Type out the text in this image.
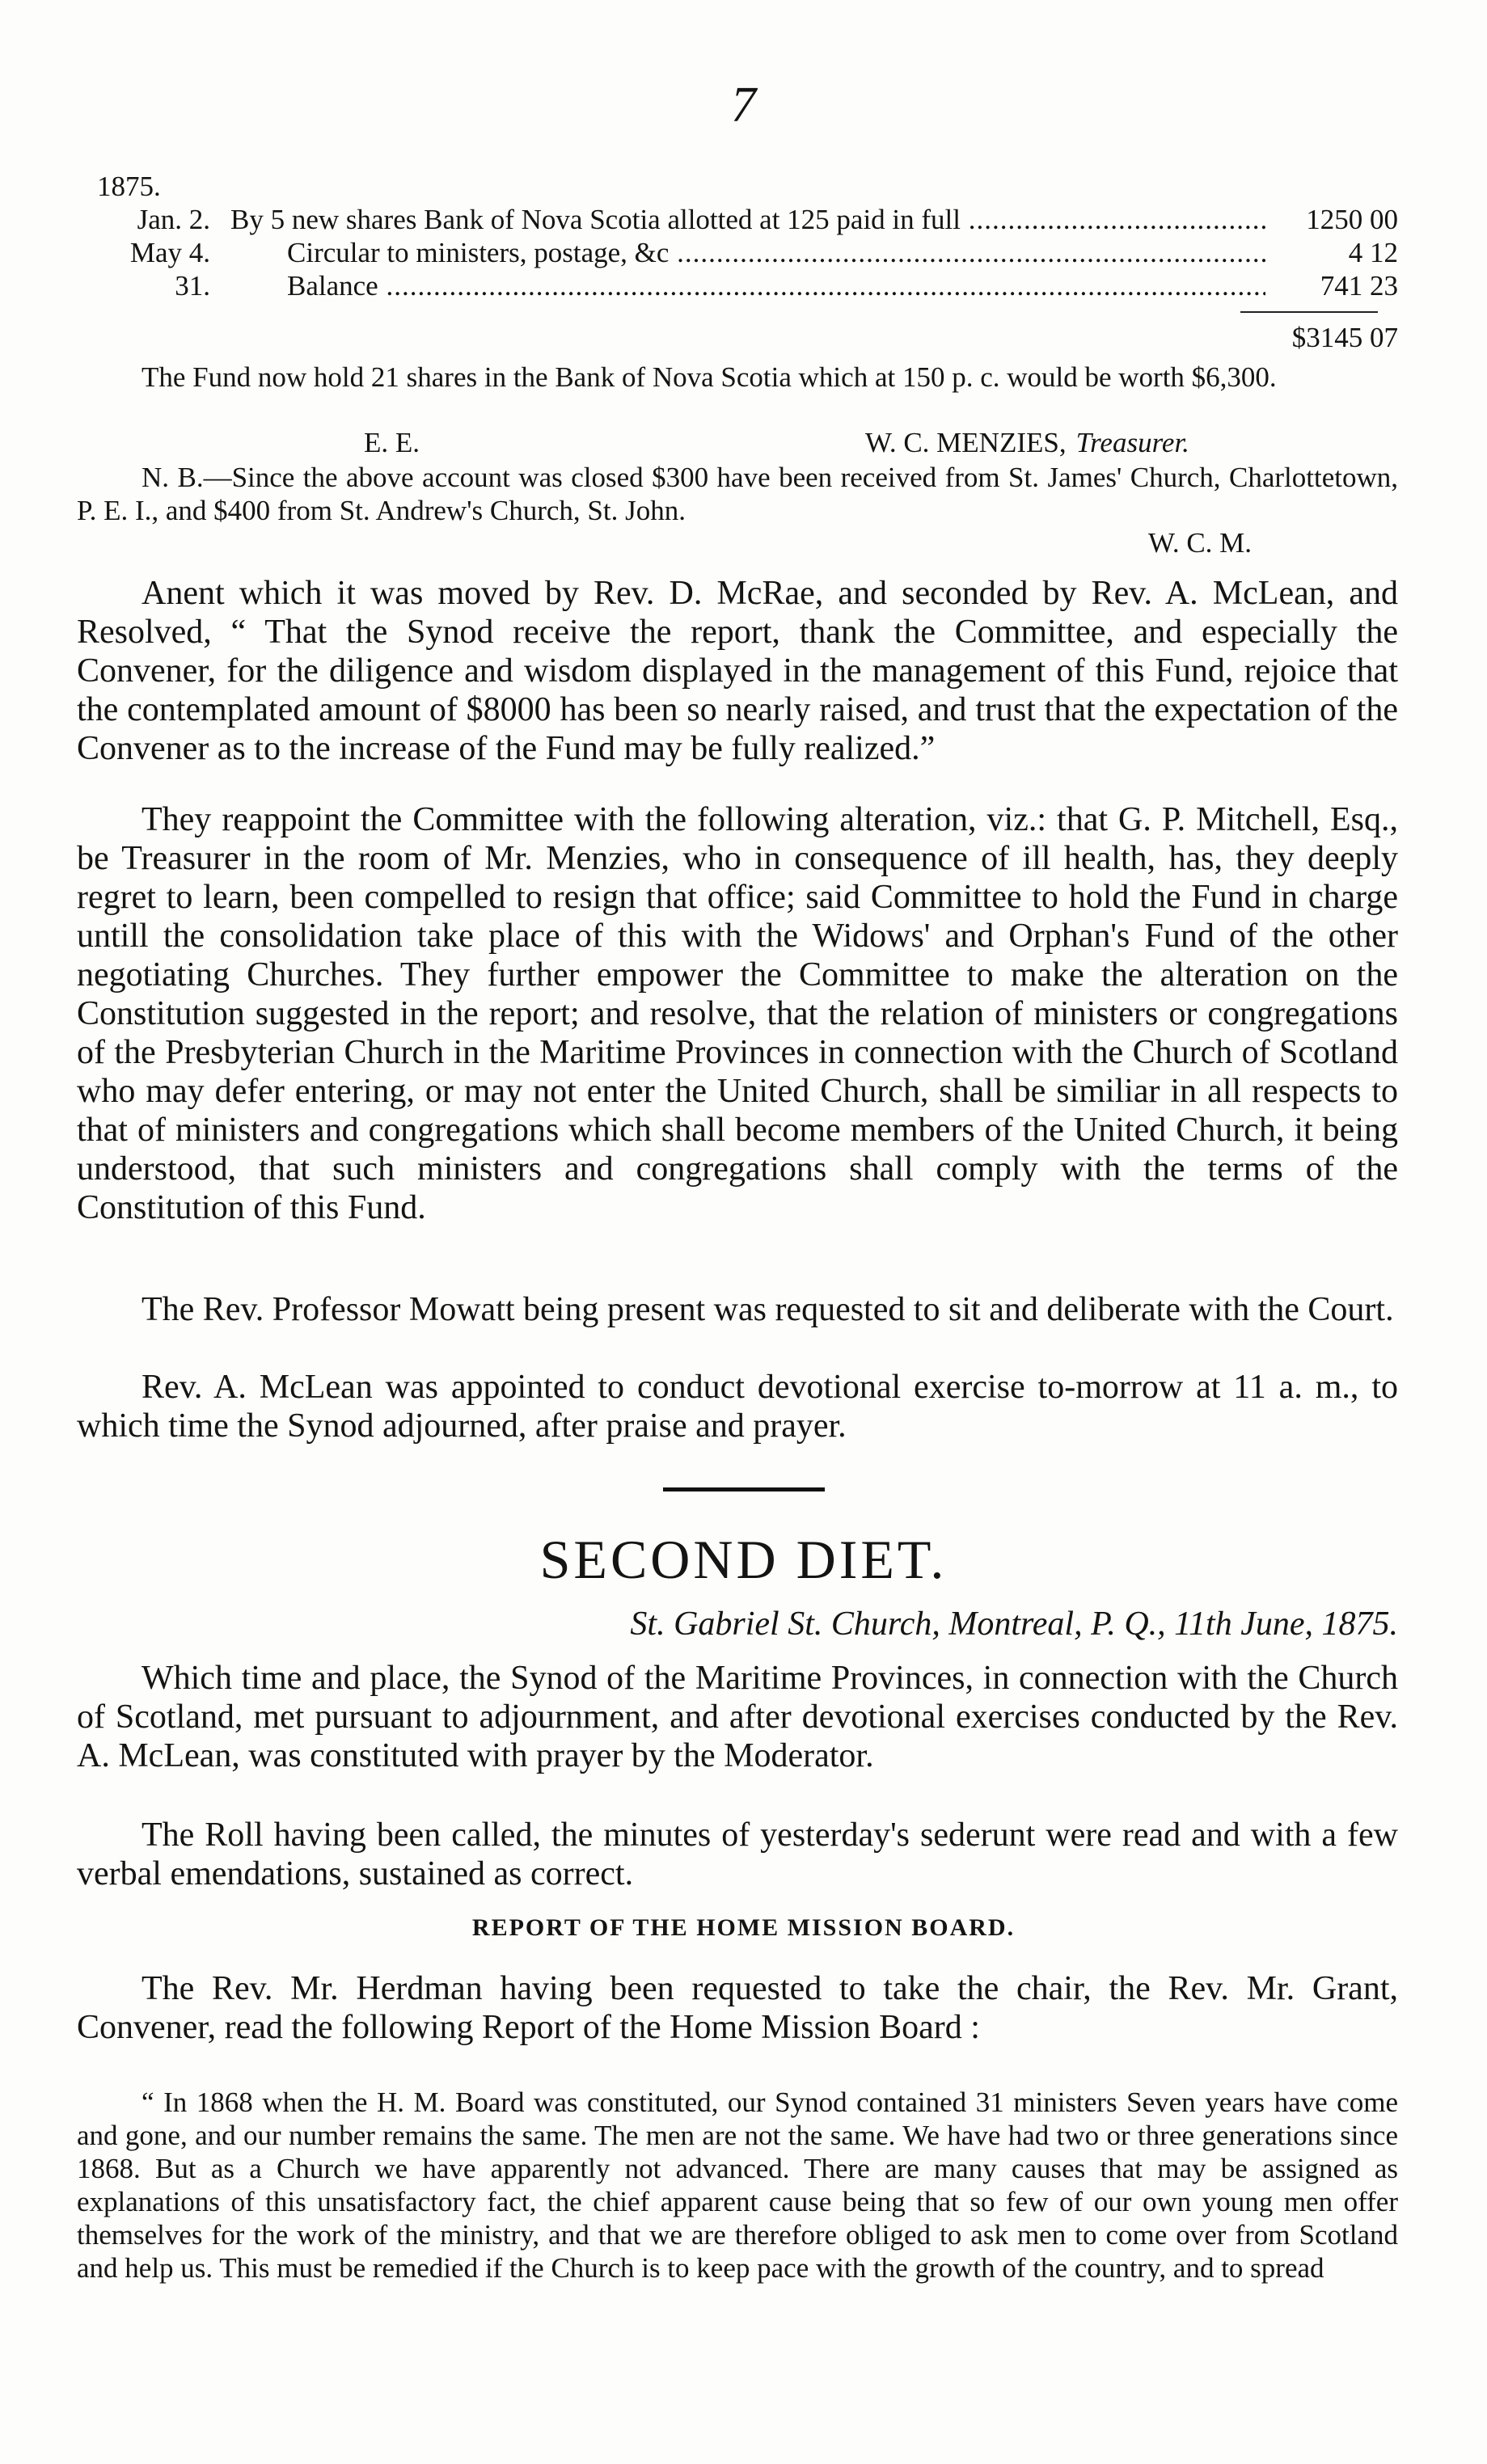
7
1875.
Jan. 2. By 5 new shares Bank of Nova Scotia allotted at 125 paid in full .....	1250 00
May 4.	Circular to ministers, postage, &c .....	4 12
31.	Balance .....	741 23
$3145 07
The Fund now hold 21 shares in the Bank of Nova Scotia which at 150 p. c. would be worth $6,300.
E. E.	W. C. MENZIES, Treasurer.
N. B.—Since the above account was closed $300 have been received from St. James' Church, Charlottetown, P. E. I., and $400 from St. Andrew's Church, St. John.
W. C. M.
Anent which it was moved by Rev. D. McRae, and seconded by Rev. A. McLean, and Resolved, “ That the Synod receive the report, thank the Committee, and especially the Convener, for the diligence and wisdom displayed in the management of this Fund, rejoice that the contemplated amount of $8000 has been so nearly raised, and trust that the expectation of the Convener as to the increase of the Fund may be fully realized.”
They reappoint the Committee with the following alteration, viz.: that G. P. Mitchell, Esq., be Treasurer in the room of Mr. Menzies, who in consequence of ill health, has, they deeply regret to learn, been compelled to resign that office; said Committee to hold the Fund in charge untill the consolidation take place of this with the Widows' and Orphan's Fund of the other negotiating Churches. They further empower the Committee to make the alteration on the Constitution suggested in the report; and resolve, that the relation of ministers or congregations of the Presbyterian Church in the Maritime Provinces in connection with the Church of Scotland who may defer entering, or may not enter the United Church, shall be similiar in all respects to that of ministers and congregations which shall become members of the United Church, it being understood, that such ministers and congregations shall comply with the terms of the Constitution of this Fund.
The Rev. Professor Mowatt being present was requested to sit and deliberate with the Court.
Rev. A. McLean was appointed to conduct devotional exercise to-morrow at 11 a. m., to which time the Synod adjourned, after praise and prayer.
SECOND DIET.
St. Gabriel St. Church, Montreal, P. Q., 11th June, 1875.
Which time and place, the Synod of the Maritime Provinces, in connection with the Church of Scotland, met pursuant to adjournment, and after devotional exercises conducted by the Rev. A. McLean, was constituted with prayer by the Moderator.
The Roll having been called, the minutes of yesterday's sederunt were read and with a few verbal emendations, sustained as correct.
REPORT OF THE HOME MISSION BOARD.
The Rev. Mr. Herdman having been requested to take the chair, the Rev. Mr. Grant, Convener, read the following Report of the Home Mission Board :
“ In 1868 when the H. M. Board was constituted, our Synod contained 31 ministers Seven years have come and gone, and our number remains the same. The men are not the same. We have had two or three generations since 1868. But as a Church we have apparently not advanced. There are many causes that may be assigned as explanations of this unsatisfactory fact, the chief apparent cause being that so few of our own young men offer themselves for the work of the ministry, and that we are therefore obliged to ask men to come over from Scotland and help us. This must be remedied if the Church is to keep pace with the growth of the country, and to spread
